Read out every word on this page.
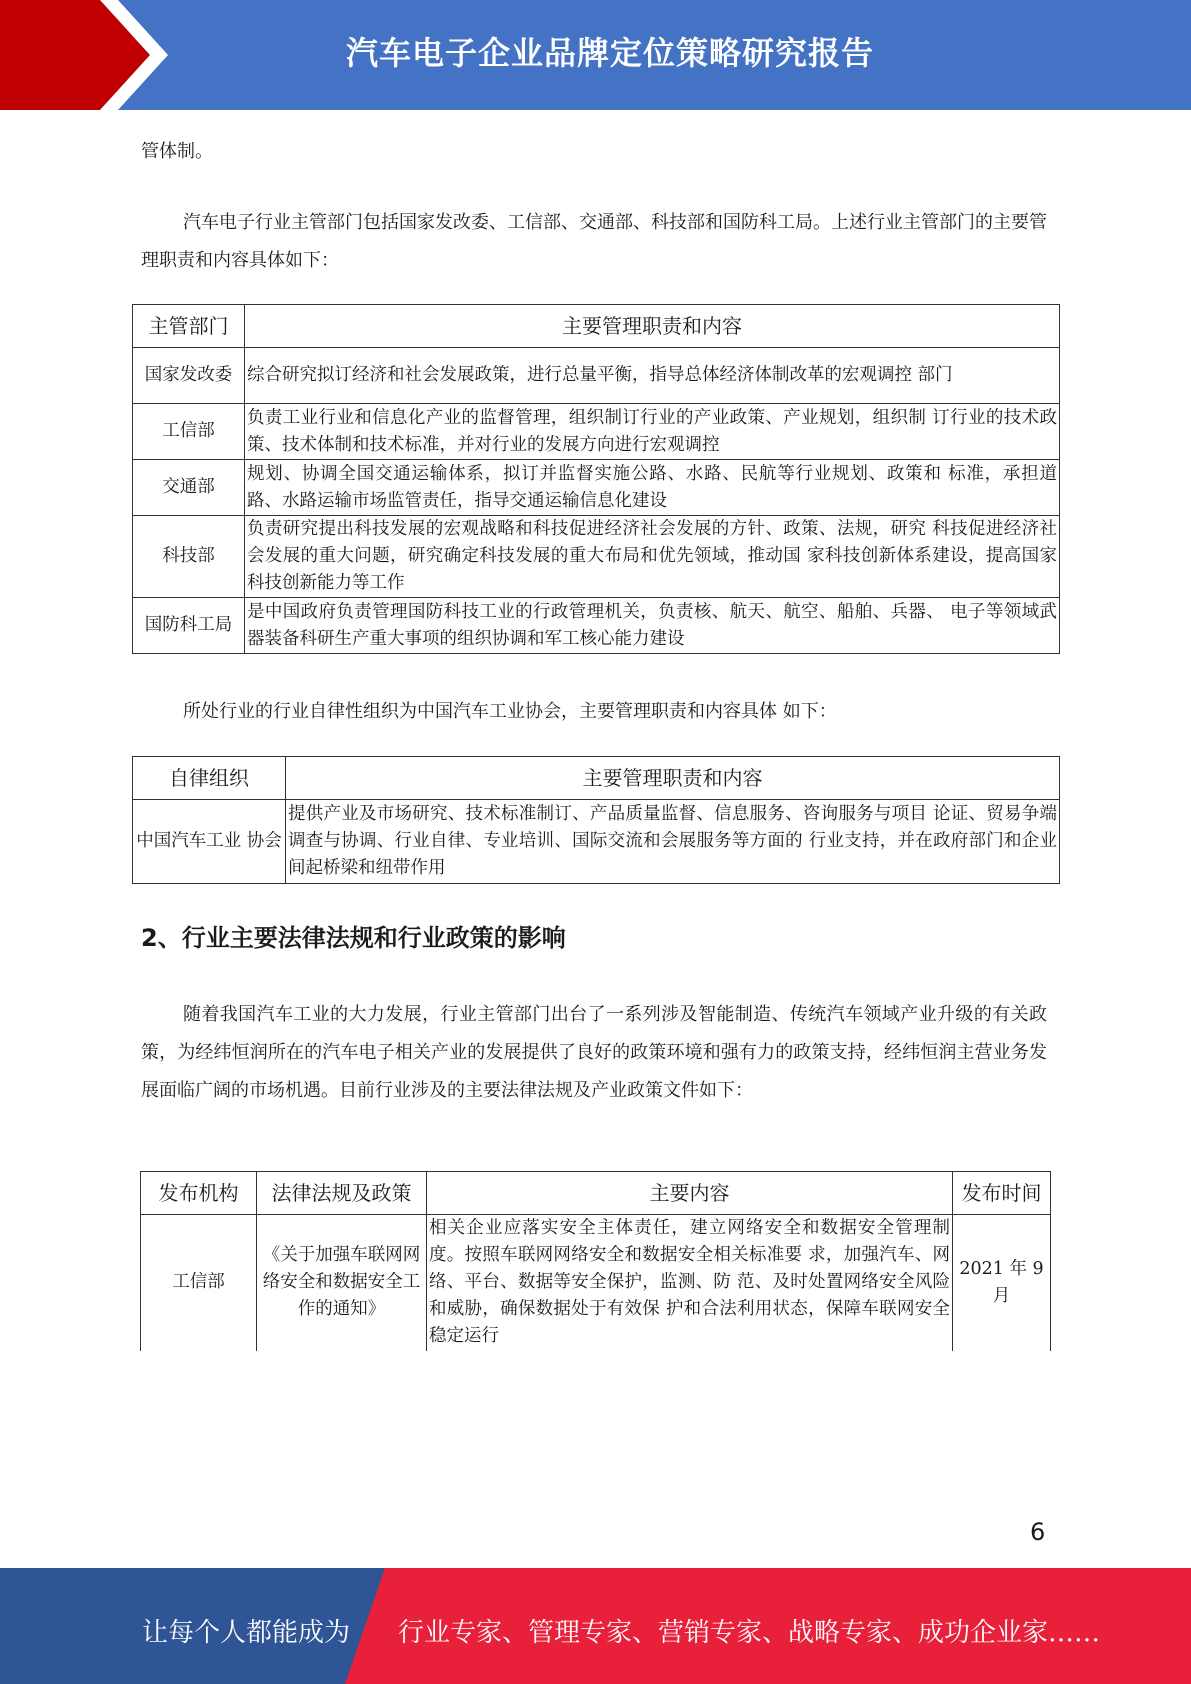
汽车电子企业品牌定位策略研究报告

管体制。

汽车电子行业主管部门包括国家发改委、工信部、交通部、科技部和国防科工局。上述行业主管部门的主要管理职责和内容具体如下：

主管部门	主要管理职责和内容
国家发改委	综合研究拟订经济和社会发展政策，进行总量平衡，指导总体经济体制改革的宏观调控 部门
工信部	负责工业行业和信息化产业的监督管理，组织制订行业的产业政策、产业规划，组织制 订行业的技术政策、技术体制和技术标准，并对行业的发展方向进行宏观调控
交通部	规划、协调全国交通运输体系，拟订并监督实施公路、水路、民航等行业规划、政策和 标准，承担道路、水路运输市场监管责任，指导交通运输信息化建设
科技部	负责研究提出科技发展的宏观战略和科技促进经济社会发展的方针、政策、法规，研究 科技促进经济社会发展的重大问题，研究确定科技发展的重大布局和优先领域，推动国 家科技创新体系建设，提高国家科技创新能力等工作
国防科工局	是中国政府负责管理国防科技工业的行政管理机关，负责核、航天、航空、船舶、兵器、 电子等领域武器装备科研生产重大事项的组织协调和军工核心能力建设

所处行业的行业自律性组织为中国汽车工业协会，主要管理职责和内容具体 如下：

自律组织	主要管理职责和内容
中国汽车工业 协会	提供产业及市场研究、技术标准制订、产品质量监督、信息服务、咨询服务与项目 论证、贸易争端调查与协调、行业自律、专业培训、国际交流和会展服务等方面的 行业支持，并在政府部门和企业间起桥梁和纽带作用
2、行业主要法律法规和行业政策的影响

随着我国汽车工业的大力发展，行业主管部门出台了一系列涉及智能制造、传统汽车领域产业升级的有关政策，为经纬恒润所在的汽车电子相关产业的发展提供了良好的政策环境和强有力的政策支持，经纬恒润主营业务发展面临广阔的市场机遇。目前行业涉及的主要法律法规及产业政策文件如下：

发布机构	法律法规及政策	主要内容	发布时间
工信部	《关于加强车联网网络安全和数据安全工作的通知》	相关企业应落实安全主体责任，建立网络安全和数据安全管理制度。按照车联网网络安全和数据安全相关标准要 求，加强汽车、网络、平台、数据等安全保护，监测、防 范、及时处置网络安全风险和威胁，确保数据处于有效保 护和合法利用状态，保障车联网安全稳定运行	2021 年 9 月
6
让每个人都能成为 行业专家、管理专家、营销专家、战略专家、成功企业家……
